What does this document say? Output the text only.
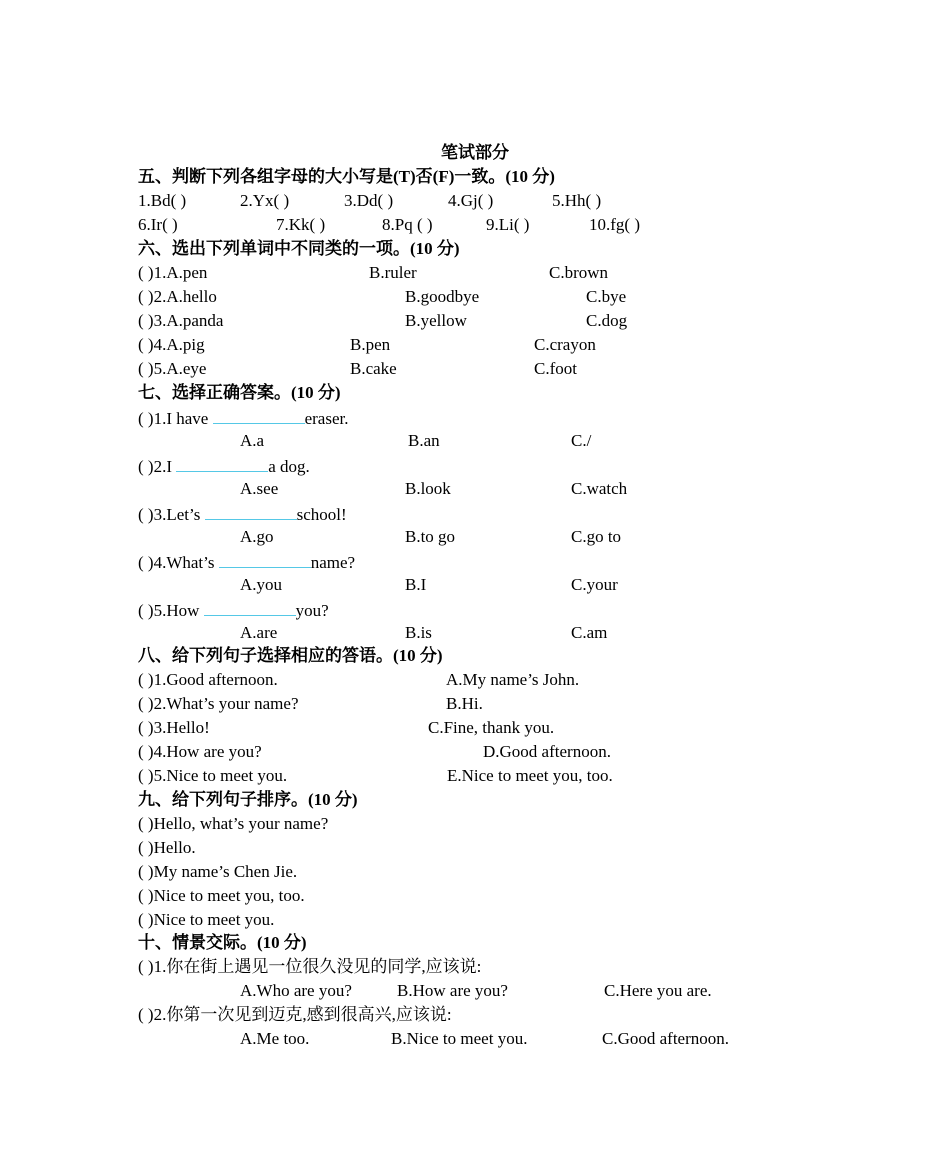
笔试部分
五、判断下列各组字母的大小写是(T)否(F)一致。(10 分)
1.Bd( )	2.Yx( )	3.Dd( )	4.Gj( )	5.Hh( )
6.Ir( )	7.Kk( )	8.Pq ( )	9.Li( )	10.fg( )
六、选出下列单词中不同类的一项。(10 分)
( )1.A.pen	B.ruler	C.brown
( )2.A.hello	B.goodbye	C.bye
( )3.A.panda	B.yellow	C.dog
( )4.A.pig	B.pen	C.crayon
( )5.A.eye	B.cake	C.foot
七、选择正确答案。(10 分)
( )1.I have	eraser.
A.a	B.an	C./
( )2.I	a dog.
A.see	B.look	C.watch
( )3.Let’s	school!
A.go	B.to go	C.go to
( )4.What’s	name?
A.you	B.I	C.your
( )5.How	you?
A.are	B.is	C.am
八、给下列句子选择相应的答语。(10 分)
( )1.Good afternoon.	A.My name’s John.
( )2.What’s your name?	B.Hi.
( )3.Hello!	C.Fine, thank you.
( )4.How are you?	D.Good afternoon.
( )5.Nice to meet you.	E.Nice to meet you, too.
九、给下列句子排序。(10 分)
( )Hello, what’s your name?
( )Hello.
( )My name’s Chen Jie.
( )Nice to meet you, too.
( )Nice to meet you.
十、情景交际。(10 分)
( )1.你在街上遇见一位很久没见的同学,应该说:
A.Who are you?	B.How are you?	C.Here you are.
( )2.你第一次见到迈克,感到很高兴,应该说:
A.Me too.	B.Nice to meet you.	C.Good afternoon.
